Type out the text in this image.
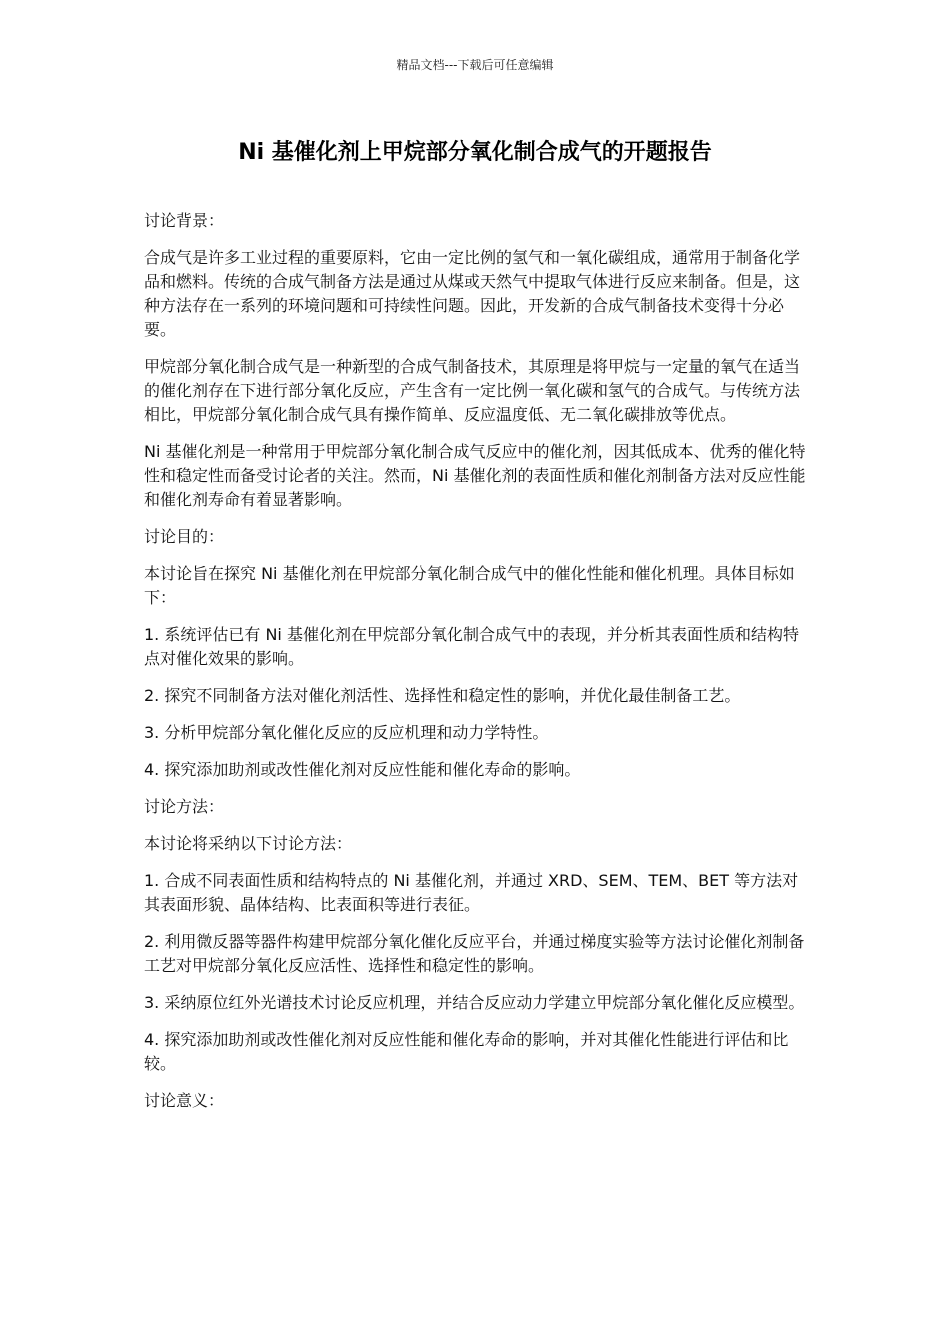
精品文档---下载后可任意编辑
Ni 基催化剂上甲烷部分氧化制合成气的开题报告

讨论背景：

合成气是许多工业过程的重要原料，它由一定比例的氢气和一氧化碳组成，通常用于制备化学品和燃料。传统的合成气制备方法是通过从煤或天然气中提取气体进行反应来制备。但是，这种方法存在一系列的环境问题和可持续性问题。因此，开发新的合成气制备技术变得十分必要。

甲烷部分氧化制合成气是一种新型的合成气制备技术，其原理是将甲烷与一定量的氧气在适当的催化剂存在下进行部分氧化反应，产生含有一定比例一氧化碳和氢气的合成气。与传统方法相比，甲烷部分氧化制合成气具有操作简单、反应温度低、无二氧化碳排放等优点。

Ni 基催化剂是一种常用于甲烷部分氧化制合成气反应中的催化剂，因其低成本、优秀的催化特性和稳定性而备受讨论者的关注。然而，Ni 基催化剂的表面性质和催化剂制备方法对反应性能和催化剂寿命有着显著影响。

讨论目的：

本讨论旨在探究 Ni 基催化剂在甲烷部分氧化制合成气中的催化性能和催化机理。具体目标如下：

1. 系统评估已有 Ni 基催化剂在甲烷部分氧化制合成气中的表现，并分析其表面性质和结构特点对催化效果的影响。

2. 探究不同制备方法对催化剂活性、选择性和稳定性的影响，并优化最佳制备工艺。

3. 分析甲烷部分氧化催化反应的反应机理和动力学特性。

4. 探究添加助剂或改性催化剂对反应性能和催化寿命的影响。

讨论方法：

本讨论将采纳以下讨论方法：

1. 合成不同表面性质和结构特点的 Ni 基催化剂，并通过 XRD、SEM、TEM、BET 等方法对其表面形貌、晶体结构、比表面积等进行表征。

2. 利用微反器等器件构建甲烷部分氧化催化反应平台，并通过梯度实验等方法讨论催化剂制备工艺对甲烷部分氧化反应活性、选择性和稳定性的影响。

3. 采纳原位红外光谱技术讨论反应机理，并结合反应动力学建立甲烷部分氧化催化反应模型。

4. 探究添加助剂或改性催化剂对反应性能和催化寿命的影响，并对其催化性能进行评估和比较。

讨论意义：
